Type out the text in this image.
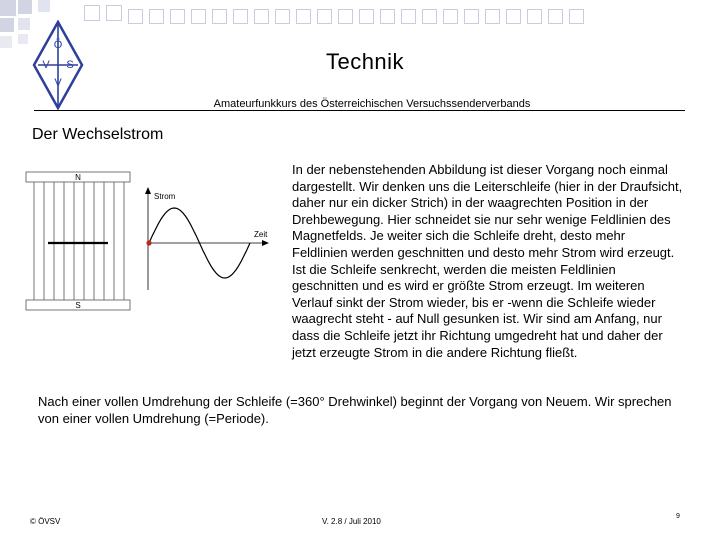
Ö
V S
V
Technik
Amateurfunkkurs des Österreichischen Versuchssenderverbands
Der Wechselstrom
N
S
Strom
Zeit
In der nebenstehenden Abbildung ist dieser Vorgang noch einmal dargestellt. Wir denken uns die Leiterschleife (hier in der Draufsicht, daher nur ein dicker Strich) in der waagrechten Position in der Drehbewegung. Hier schneidet sie nur sehr wenige Feldlinien des Magnetfelds. Je weiter sich die Schleife dreht, desto mehr Feldlinien werden geschnitten und desto mehr Strom wird erzeugt. Ist die Schleife senkrecht, werden die meisten Feldlinien geschnitten und es wird er größte Strom erzeugt. Im weiteren Verlauf sinkt der Strom wieder, bis er -wenn die Schleife wieder waagrecht steht - auf Null gesunken ist. Wir sind am Anfang, nur dass die Schleife jetzt ihr Richtung umgedreht hat und daher der jetzt erzeugte Strom in die andere Richtung fließt.
Nach einer vollen Umdrehung der Schleife (=360° Drehwinkel) beginnt der Vorgang von Neuem. Wir sprechen von einer vollen Umdrehung (=Periode).
© ÖVSV	V. 2.8 / Juli 2010
9
